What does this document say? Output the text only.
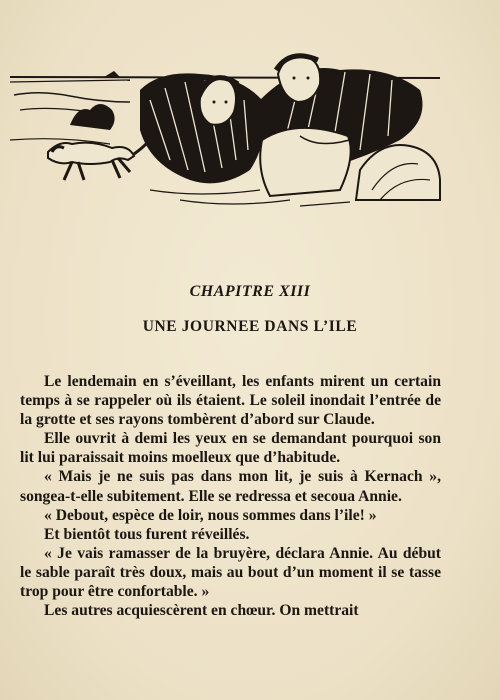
CHAPITRE XIII
UNE JOURNEE DANS L’ILE

Le lendemain en s’éveillant, les enfants mirent un certain temps à se rappeler où ils étaient. Le soleil inondait l’entrée de la grotte et ses rayons tombèrent d’abord sur Claude.

Elle ouvrit à demi les yeux en se demandant pourquoi son lit lui paraissait moins moelleux que d’habitude.

« Mais je ne suis pas dans mon lit, je suis à Kernach », songea-t-elle subitement. Elle se redressa et secoua Annie.

« Debout, espèce de loir, nous sommes dans l’ile! »

Et bientôt tous furent réveillés.

« Je vais ramasser de la bruyère, déclara Annie. Au début le sable paraît très doux, mais au bout d’un moment il se tasse trop pour être confortable. »

Les autres acquiescèrent en chœur. On mettrait
